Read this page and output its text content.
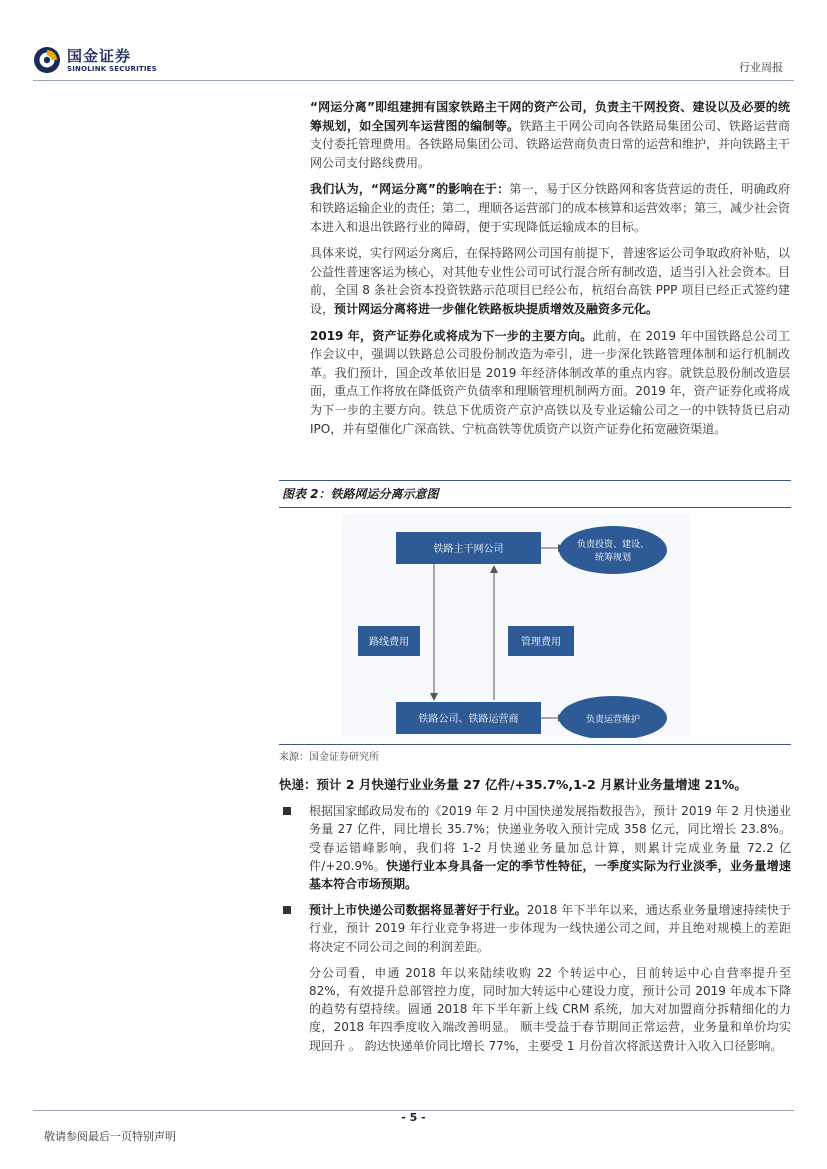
国金证券
SINOLINK SECURITIES	行业周报

“网运分离”即组建拥有国家铁路主干网的资产公司，负责主干网投资、建设以及必要的统筹规划，如全国列车运营图的编制等。铁路主干网公司向各铁路局集团公司、铁路运营商支付委托管理费用。各铁路局集团公司、铁路运营商负责日常的运营和维护，并向铁路主干网公司支付路线费用。

我们认为，“网运分离”的影响在于：第一，易于区分铁路网和客货营运的责任，明确政府和铁路运输企业的责任；第二，理顺各运营部门的成本核算和运营效率；第三，减少社会资本进入和退出铁路行业的障碍，便于实现降低运输成本的目标。

具体来说，实行网运分离后，在保持路网公司国有前提下，普速客运公司争取政府补贴，以公益性普速客运为核心，对其他专业性公司可试行混合所有制改造，适当引入社会资本。目前，全国 8 条社会资本投资铁路示范项目已经公布，杭绍台高铁 PPP 项目已经正式签约建设，预计网运分离将进一步催化铁路板块提质增效及融资多元化。

2019 年，资产证券化或将成为下一步的主要方向。此前，在 2019 年中国铁路总公司工作会议中，强调以铁路总公司股份制改造为牵引，进一步深化铁路管理体制和运行机制改革。我们预计，国企改革依旧是 2019 年经济体制改革的重点内容。就铁总股份制改造层面，重点工作将放在降低资产负债率和理顺管理机制两方面。2019 年，资产证券化或将成为下一步的主要方向。铁总下优质资产京沪高铁以及专业运输公司之一的中铁特货已启动 IPO，并有望催化广深高铁、宁杭高铁等优质资产以资产证券化拓宽融资渠道。

图表 2：铁路网运分离示意图
铁路主干网公司
路线费用	管理费用
铁路公司、铁路运营商
负责投资、建设、
统筹规划
负责运营维护
来源：国金证券研究所

快递：预计 2 月快递行业业务量 27 亿件/+35.7%,1-2 月累计业务量增速 21%。

根据国家邮政局发布的《2019 年 2 月中国快递发展指数报告》，预计 2019 年 2 月快递业务量 27 亿件，同比增长 35.7%；快递业务收入预计完成 358 亿元，同比增长 23.8%。受春运错峰影响，我们将 1-2 月快递业务量加总计算，则累计完成业务量 72.2 亿件/+20.9%。快递行业本身具备一定的季节性特征，一季度实际为行业淡季，业务量增速基本符合市场预期。

预计上市快递公司数据将显著好于行业。2018 年下半年以来，通达系业务量增速持续快于行业，预计 2019 年行业竞争将进一步体现为一线快递公司之间，并且绝对规模上的差距将决定不同公司之间的利润差距。

分公司看，申通 2018 年以来陆续收购 22 个转运中心，目前转运中心自营率提升至 82%，有效提升总部管控力度，同时加大转运中心建设力度，预计公司 2019 年成本下降的趋势有望持续。圆通 2018 年下半年新上线 CRM 系统，加大对加盟商分拆精细化的力度，2018 年四季度收入端改善明显。 顺丰受益于春节期间正常运营，业务量和单价均实现回升 。 韵达快递单价同比增长 77%，主要受 1 月份首次将派送费计入收入口径影响。

- 5 -
敬请参阅最后一页特别声明
